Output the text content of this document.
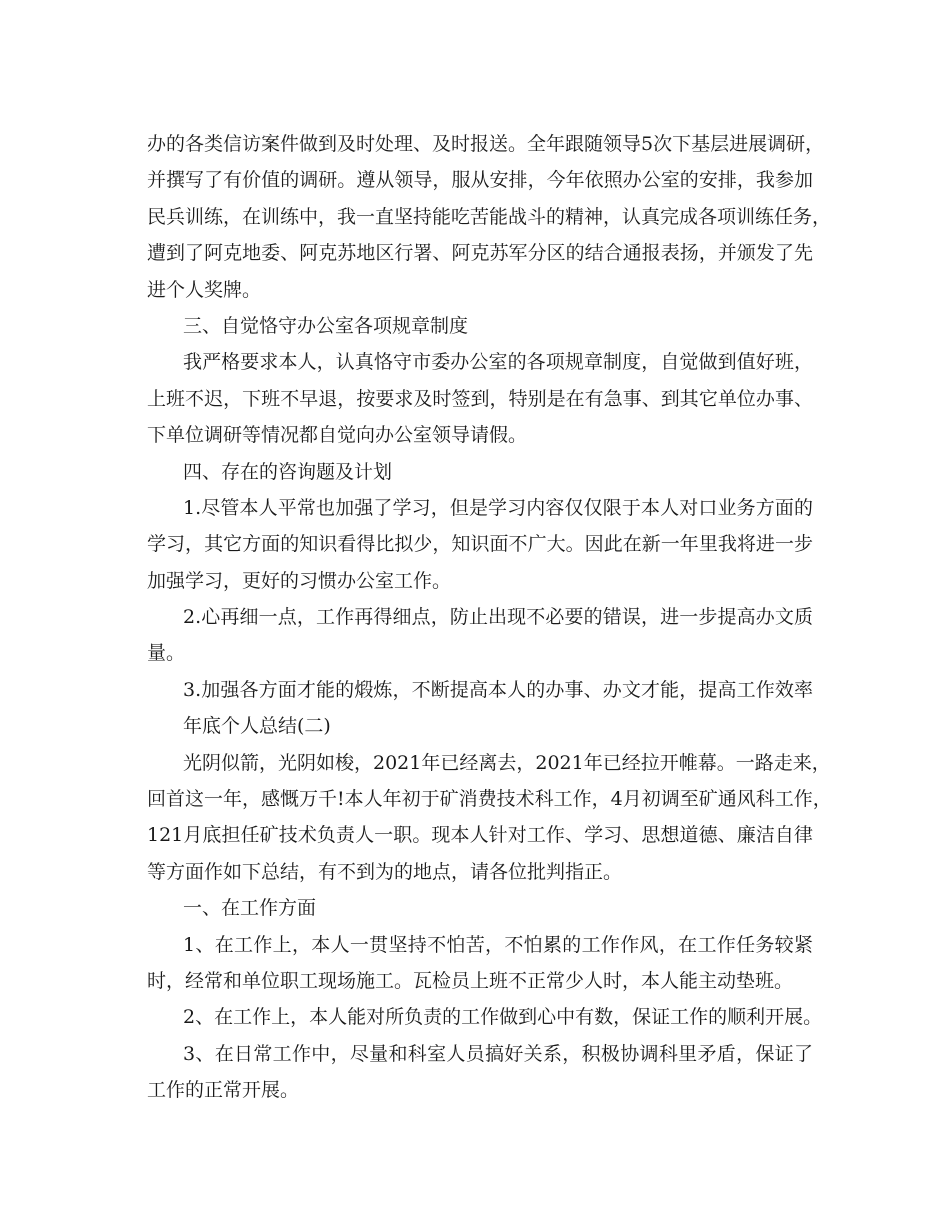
办的各类信访案件做到及时处理、及时报送。全年跟随领导5次下基层进展调研，
并撰写了有价值的调研。遵从领导，服从安排，今年依照办公室的安排，我参加
民兵训练，在训练中，我一直坚持能吃苦能战斗的精神，认真完成各项训练任务，
遭到了阿克地委、阿克苏地区行署、阿克苏军分区的结合通报表扬，并颁发了先
进个人奖牌。
三、自觉恪守办公室各项规章制度
我严格要求本人，认真恪守市委办公室的各项规章制度，自觉做到值好班，
上班不迟，下班不早退，按要求及时签到，特别是在有急事、到其它单位办事、
下单位调研等情况都自觉向办公室领导请假。
四、存在的咨询题及计划
1.尽管本人平常也加强了学习，但是学习内容仅仅限于本人对口业务方面的
学习，其它方面的知识看得比拟少，知识面不广大。因此在新一年里我将进一步
加强学习，更好的习惯办公室工作。
2.心再细一点，工作再得细点，防止出现不必要的错误，进一步提高办文质
量。
3.加强各方面才能的煅炼，不断提高本人的办事、办文才能，提高工作效率
年底个人总结(二)
光阴似箭，光阴如梭，2021年已经离去，2021年已经拉开帷幕。一路走来，
回首这一年，感慨万千!本人年初于矿消费技术科工作，4月初调至矿通风科工作，
121月底担任矿技术负责人一职。现本人针对工作、学习、思想道德、廉洁自律
等方面作如下总结，有不到为的地点，请各位批判指正。
一、在工作方面
1、在工作上，本人一贯坚持不怕苦，不怕累的工作作风，在工作任务较紧
时，经常和单位职工现场施工。瓦检员上班不正常少人时，本人能主动垫班。
2、在工作上，本人能对所负责的工作做到心中有数，保证工作的顺利开展。
3、在日常工作中，尽量和科室人员搞好关系，积极协调科里矛盾，保证了
工作的正常开展。
